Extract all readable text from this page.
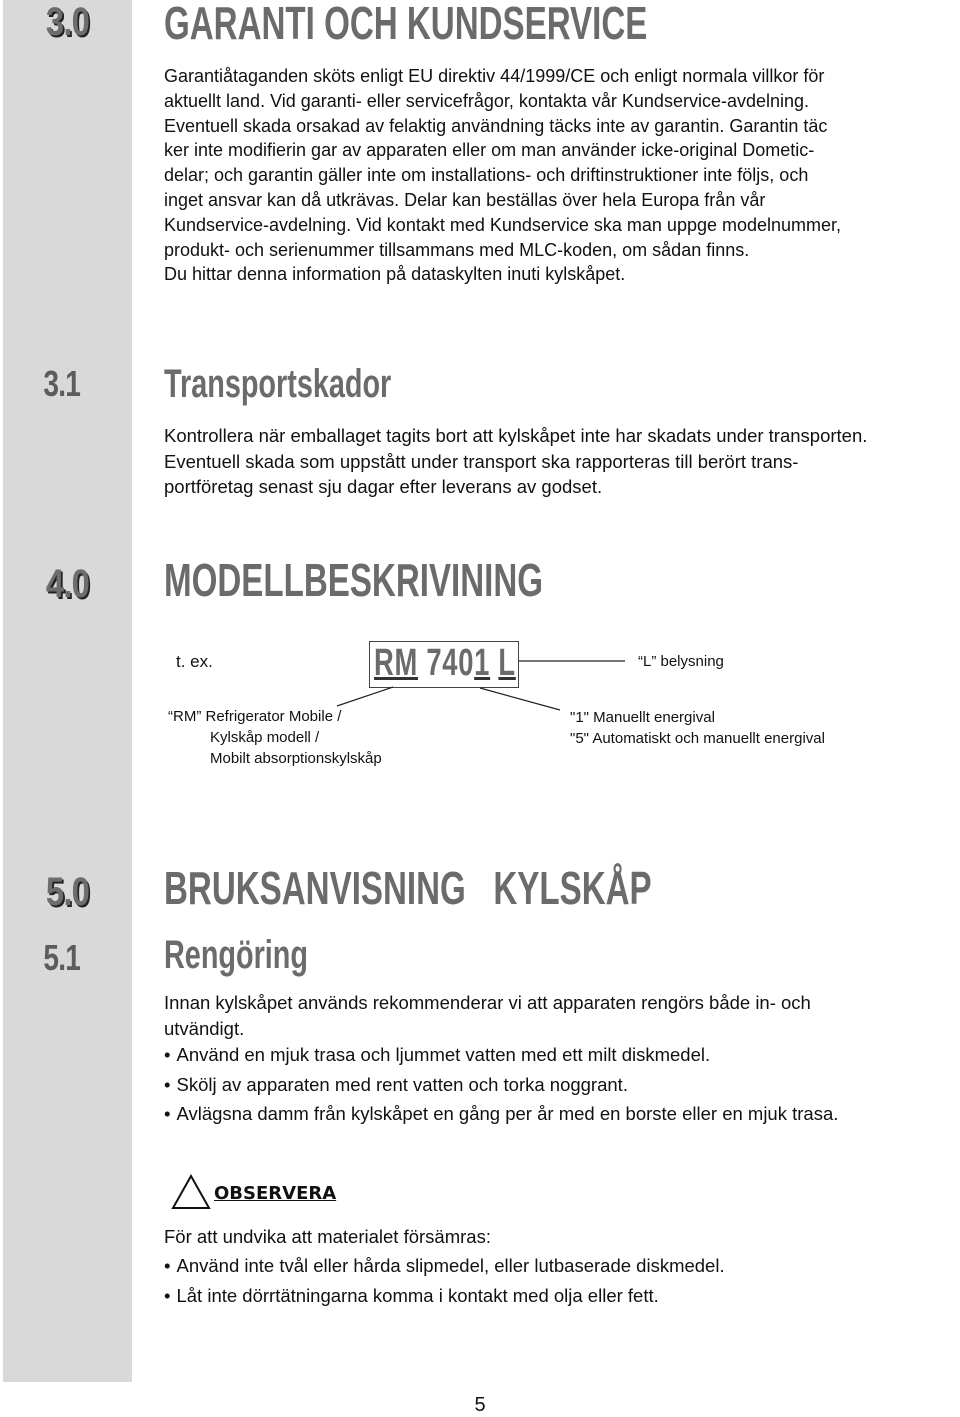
3.0	GARANTI OCH KUNDSERVICE

Garantiåtaganden sköts enligt EU direktiv 44/1999/CE och enligt normala villkor för
aktuellt land. Vid garanti- eller servicefrågor, kontakta vår Kundservice-avdelning.
Eventuell skada orsakad av felaktig användning täcks inte av garantin. Garantin täc
ker inte modifierin gar av apparaten eller om man använder icke-original Dometic-
delar; och garantin gäller inte om installations- och driftinstruktioner inte följs, och
inget ansvar kan då utkrävas. Delar kan beställas över hela Europa från vår
Kundservice-avdelning. Vid kontakt med Kundservice ska man uppge modelnummer,
produkt- och serienummer tillsammans med MLC-koden, om sådan finns.
Du hittar denna information på dataskylten inuti kylskåpet.

3.1 Transportskador

Kontrollera när emballaget tagits bort att kylskåpet inte har skadats under transporten.
Eventuell skada som uppstått under transport ska rapporteras till berört trans-
portföretag senast sju dagar efter leverans av godset.

4.0	MODELLBESKRIVINING
t. ex.	RM 7401 L	“L” belysning
“RM” Refrigerator Mobile /
Kylskåp modell /
Mobilt absorptionskylskåp
"1" Manuellt energival
"5" Automatiskt och manuellt energival
5.0	BRUKSANVISNING   KYLSKÅP
5.1 Rengöring
Innan kylskåpet används rekommenderar vi att apparaten rengörs både in- och
utvändigt.
• Använd en mjuk trasa och ljummet vatten med ett milt diskmedel.
• Skölj av apparaten med rent vatten och torka noggrant.
• Avlägsna damm från kylskåpet en gång per år med en borste eller en mjuk trasa.
OBSERVERA
För att undvika att materialet försämras:
• Använd inte tvål eller hårda slipmedel, eller lutbaserade diskmedel.
• Låt inte dörrtätningarna komma i kontakt med olja eller fett.
5
